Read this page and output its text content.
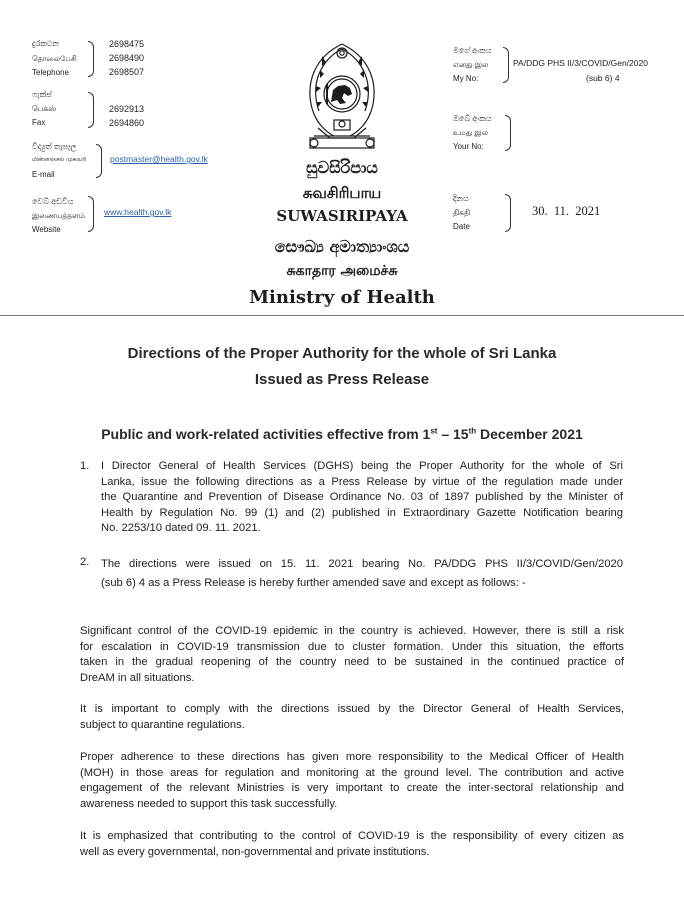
දුරකථන
தொலைபேசி
Telephone
2698475
2698490
2698507
ෆැක්ස්
பெக்ஸ்
Fax
2692913
2694860
විද්‍යුත් තැපෑල
மின்னஞ்சல் முகவரி
E-mail
postmaster@health.gov.lk
වෙබ් අඩවිය
இணையத்தளம்
Website
www.health.gov.lk
සුවසිරිපාය
சுவசிரிபாய
SUWASIRIPAYA
සෞඛ්‍ය අමාත්‍යාංශය
சுகாதார அமைச்சு
Ministry of Health
මගේ අංකය
எனது இல
My No:
PA/DDG PHS II/3/COVID/Gen/2020
(sub 6) 4
ඔබේ අංකය
உமது இல
Your No:
දිනය
திகதி
Date
30.  11.  2021
Directions of the Proper Authority for the whole of Sri Lanka
Issued as Press Release
Public and work-related activities effective from 1st – 15th December 2021
1. I Director General of Health Services (DGHS) being the Proper Authority for the whole of Sri
Lanka, issue the following directions as a Press Release by virtue of the regulation made under
the Quarantine and Prevention of Disease Ordinance No. 03 of 1897 published by the Minister of
Health by Regulation No. 99 (1) and (2) published in Extraordinary Gazette Notification bearing
No. 2253/10 dated 09. 11. 2021.
2. The directions were issued on 15. 11. 2021 bearing No. PA/DDG PHS II/3/COVID/Gen/2020
(sub 6) 4 as a Press Release is hereby further amended save and except as follows: -
Significant control of the COVID-19 epidemic in the country is achieved. However, there is still a risk
for escalation in COVID-19 transmission due to cluster formation. Under this situation, the efforts
taken in the gradual reopening of the country need to be sustained in the continued practice of
DreAM in all situations.
It is important to comply with the directions issued by the Director General of Health Services,
subject to quarantine regulations.
Proper adherence to these directions has given more responsibility to the Medical Officer of Health
(MOH) in those areas for regulation and monitoring at the ground level. The contribution and active
engagement of the relevant Ministries is very important to create the inter-sectoral relationship and
awareness needed to support this task successfully.
It is emphasized that contributing to the control of COVID-19 is the responsibility of every citizen as
well as every governmental, non-governmental and private institutions.
